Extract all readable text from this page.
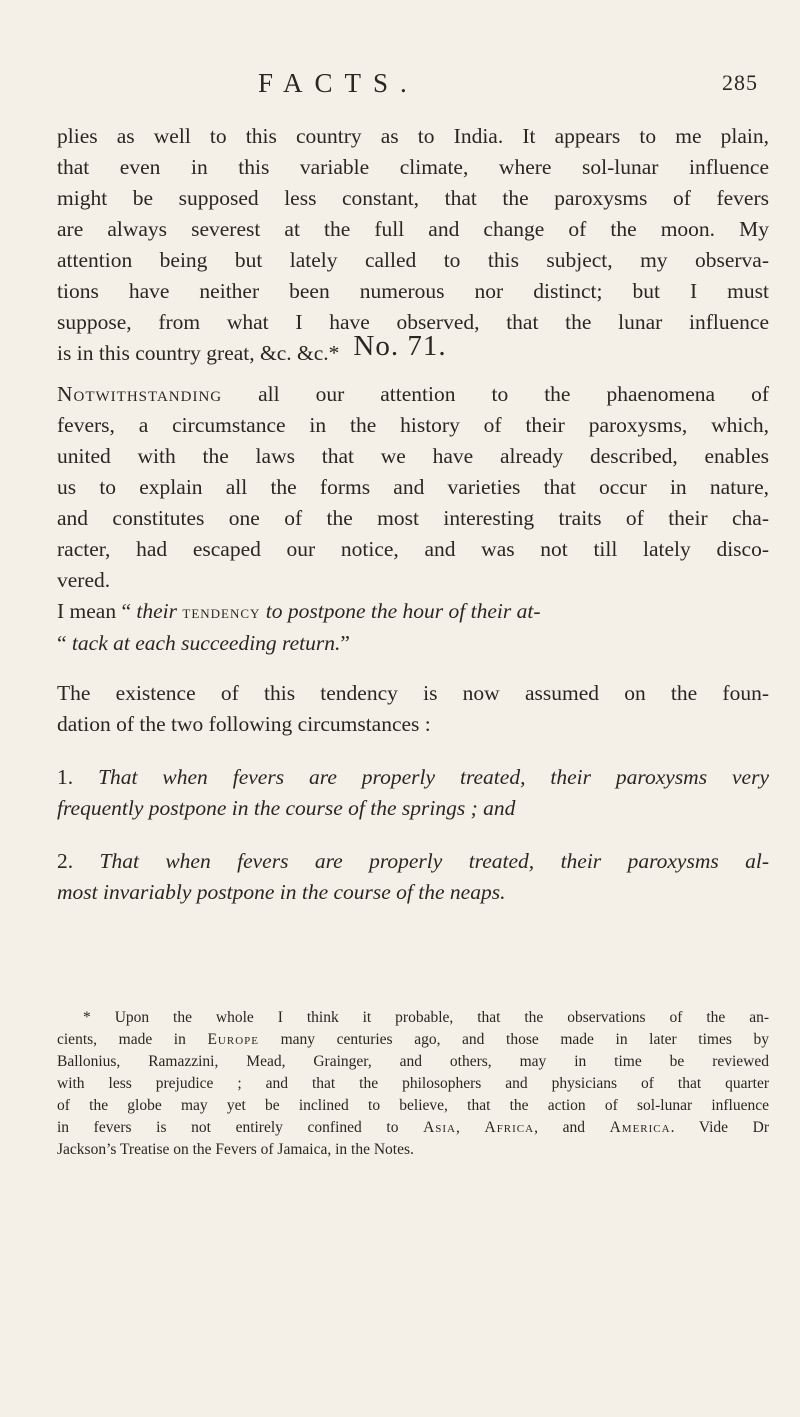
FACTS.	285
plies as well to this country as to India. It appears to me plain,
that even in this variable climate, where sol-lunar influence
might be supposed less constant, that the paroxysms of fevers
are always severest at the full and change of the moon. My
attention being but lately called to this subject, my observa-
tions have neither been numerous nor distinct; but I must
suppose, from what I have observed, that the lunar influence
is in this country great, &c. &c.* No. 71.
Notwithstanding all our attention to the phaenomena of
fevers, a circumstance in the history of their paroxysms, which,
united with the laws that we have already described, enables
us to explain all the forms and varieties that occur in nature,
and constitutes one of the most interesting traits of their cha-
racter, had escaped our notice, and was not till lately disco-
vered.
I mean “ their tendency to postpone the hour of their at-
“ tack at each succeeding return.”
The existence of this tendency is now assumed on the foun-
dation of the two following circumstances :
1. That when fevers are properly treated, their paroxysms very
frequently postpone in the course of the springs ; and
2. That when fevers are properly treated, their paroxysms al-
most invariably postpone in the course of the neaps.
* Upon the whole I think it probable, that the observations of the an-
cients, made in Europe many centuries ago, and those made in later times by
Ballonius, Ramazzini, Mead, Grainger, and others, may in time be reviewed
with less prejudice ; and that the philosophers and physicians of that quarter
of the globe may yet be inclined to believe, that the action of sol-lunar influence
in fevers is not entirely confined to Asia, Africa, and America. Vide Dr
Jackson’s Treatise on the Fevers of Jamaica, in the Notes.
